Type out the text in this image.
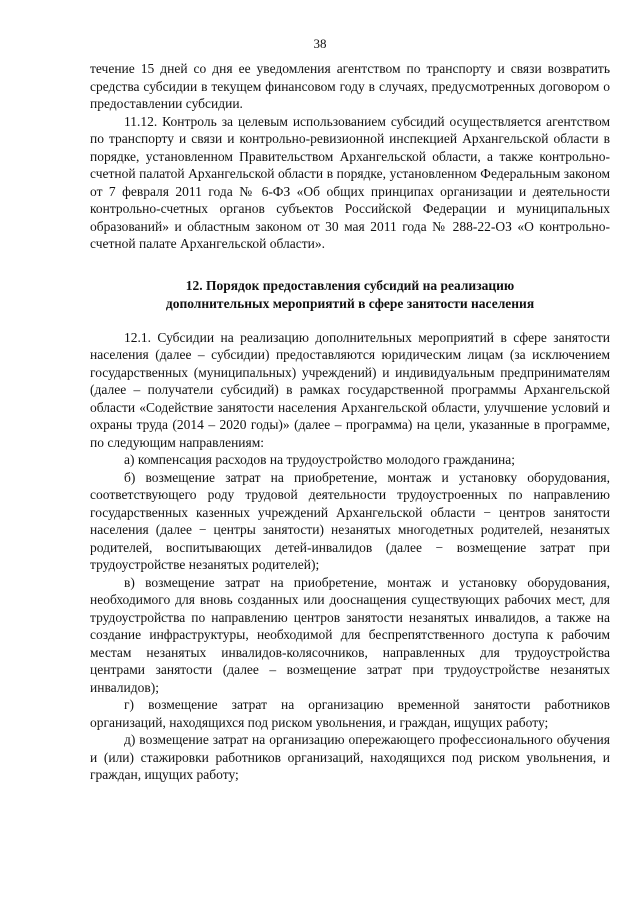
38

течение 15 дней со дня ее уведомления агентством по транспорту и связи возвратить средства субсидии в текущем финансовом году в случаях, предусмотренных договором о предоставлении субсидии.

11.12. Контроль за целевым использованием субсидий осуществляется агентством по транспорту и связи и контрольно-ревизионной инспекцией Архангельской области в порядке, установленном Правительством Архангельской области, а также контрольно-счетной палатой Архангельской области в порядке, установленном Федеральным законом от 7 февраля 2011 года № 6-ФЗ «Об общих принципах организации и деятельности контрольно-счетных органов субъектов Российской Федерации и муниципальных образований» и областным законом от 30 мая 2011 года № 288-22-ОЗ «О контрольно-счетной палате Архангельской области».

12. Порядок предоставления субсидий на реализацию
дополнительных мероприятий в сфере занятости населения

12.1. Субсидии на реализацию дополнительных мероприятий в сфере занятости населения (далее – субсидии) предоставляются юридическим лицам (за исключением государственных (муниципальных) учреждений) и индивидуальным предпринимателям (далее – получатели субсидий) в рамках государственной программы Архангельской области «Содействие занятости населения Архангельской области, улучшение условий и охраны труда (2014 – 2020 годы)» (далее – программа) на цели, указанные в программе, по следующим направлениям:

а) компенсация расходов на трудоустройство молодого гражданина;

б) возмещение затрат на приобретение, монтаж и установку оборудования, соответствующего роду трудовой деятельности трудоустроенных по направлению государственных казенных учреждений Архангельской области − центров занятости населения (далее − центры занятости) незанятых многодетных родителей, незанятых родителей, воспитывающих детей-инвалидов (далее − возмещение затрат при трудоустройстве незанятых родителей);

в) возмещение затрат на приобретение, монтаж и установку оборудования, необходимого для вновь созданных или дооснащения существующих рабочих мест, для трудоустройства по направлению центров занятости незанятых инвалидов, а также на создание инфраструктуры, необходимой для беспрепятственного доступа к рабочим местам незанятых инвалидов-колясочников, направленных для трудоустройства центрами занятости (далее – возмещение затрат при трудоустройстве незанятых инвалидов);

г) возмещение затрат на организацию временной занятости работников организаций, находящихся под риском увольнения, и граждан, ищущих работу;

д) возмещение затрат на организацию опережающего профессионального обучения и (или) стажировки работников организаций, находящихся под риском увольнения, и граждан, ищущих работу;
